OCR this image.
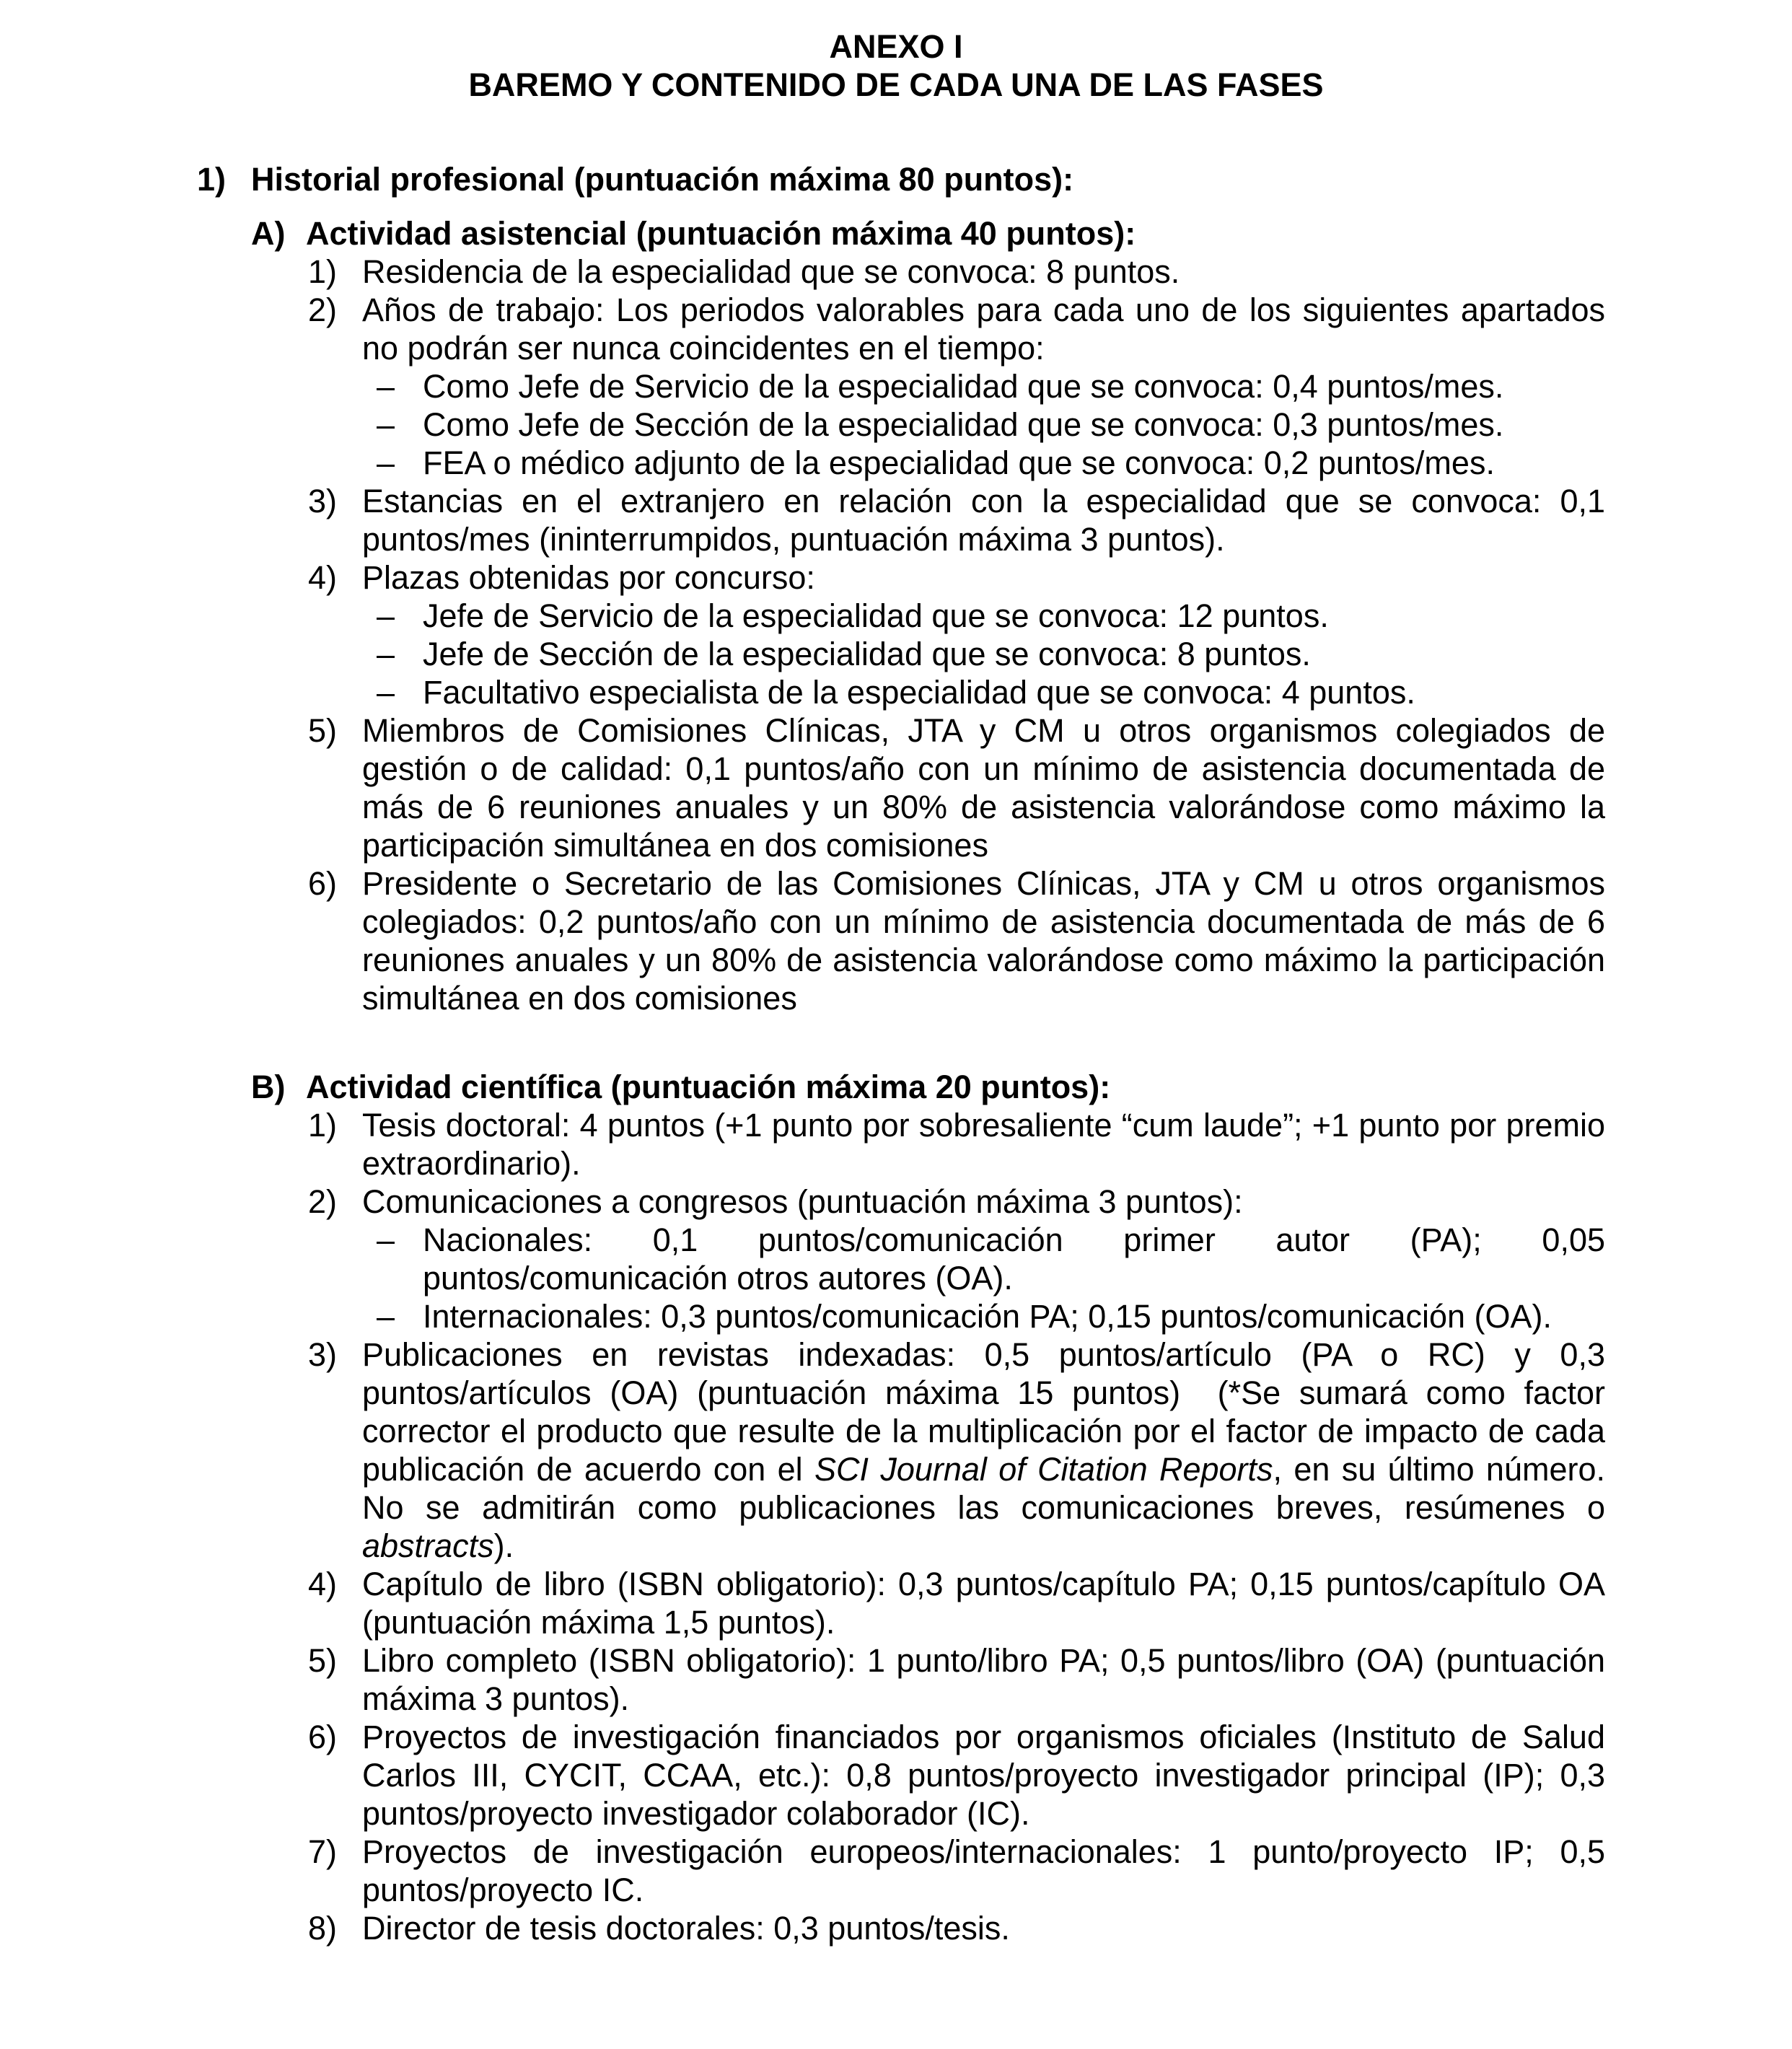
ANEXO I
BAREMO Y CONTENIDO DE CADA UNA DE LAS FASES
1) Historial profesional (puntuación máxima 80 puntos):
A) Actividad asistencial (puntuación máxima 40 puntos):
1) Residencia de la especialidad que se convoca: 8 puntos.
2) Años de trabajo: Los periodos valorables para cada uno de los siguientes apartados no podrán ser nunca coincidentes en el tiempo:
– Como Jefe de Servicio de la especialidad que se convoca: 0,4 puntos/mes.
– Como Jefe de Sección de la especialidad que se convoca: 0,3 puntos/mes.
– FEA o médico adjunto de la especialidad que se convoca: 0,2 puntos/mes.
3) Estancias en el extranjero en relación con la especialidad que se convoca: 0,1 puntos/mes (ininterrumpidos, puntuación máxima 3 puntos).
4) Plazas obtenidas por concurso:
– Jefe de Servicio de la especialidad que se convoca: 12 puntos.
– Jefe de Sección de la especialidad que se convoca: 8 puntos.
– Facultativo especialista de la especialidad que se convoca: 4 puntos.
5) Miembros de Comisiones Clínicas, JTA y CM u otros organismos colegiados de gestión o de calidad: 0,1 puntos/año con un mínimo de asistencia documentada de más de 6 reuniones anuales y un 80% de asistencia valorándose como máximo la participación simultánea en dos comisiones
6) Presidente o Secretario de las Comisiones Clínicas, JTA y CM u otros organismos colegiados: 0,2 puntos/año con un mínimo de asistencia documentada de más de 6 reuniones anuales y un 80% de asistencia valorándose como máximo la participación simultánea en dos comisiones
B) Actividad científica (puntuación máxima 20 puntos):
1) Tesis doctoral: 4 puntos (+1 punto por sobresaliente “cum laude”; +1 punto por premio extraordinario).
2) Comunicaciones a congresos (puntuación máxima 3 puntos):
– Nacionales: 0,1 puntos/comunicación primer autor (PA); 0,05 puntos/comunicación otros autores (OA).
– Internacionales: 0,3 puntos/comunicación PA; 0,15 puntos/comunicación (OA).
3) Publicaciones en revistas indexadas: 0,5 puntos/artículo (PA o RC) y 0,3 puntos/artículos (OA) (puntuación máxima 15 puntos)  (*Se sumará como factor corrector el producto que resulte de la multiplicación por el factor de impacto de cada publicación de acuerdo con el SCI Journal of Citation Reports, en su último número. No se admitirán como publicaciones las comunicaciones breves, resúmenes o abstracts).
4) Capítulo de libro (ISBN obligatorio): 0,3 puntos/capítulo PA; 0,15 puntos/capítulo OA (puntuación máxima 1,5 puntos).
5) Libro completo (ISBN obligatorio): 1 punto/libro PA; 0,5 puntos/libro (OA) (puntuación máxima 3 puntos).
6) Proyectos de investigación financiados por organismos oficiales (Instituto de Salud Carlos III, CYCIT, CCAA, etc.): 0,8 puntos/proyecto investigador principal (IP); 0,3 puntos/proyecto investigador colaborador (IC).
7) Proyectos de investigación europeos/internacionales: 1 punto/proyecto IP; 0,5 puntos/proyecto IC.
8) Director de tesis doctorales: 0,3 puntos/tesis.
